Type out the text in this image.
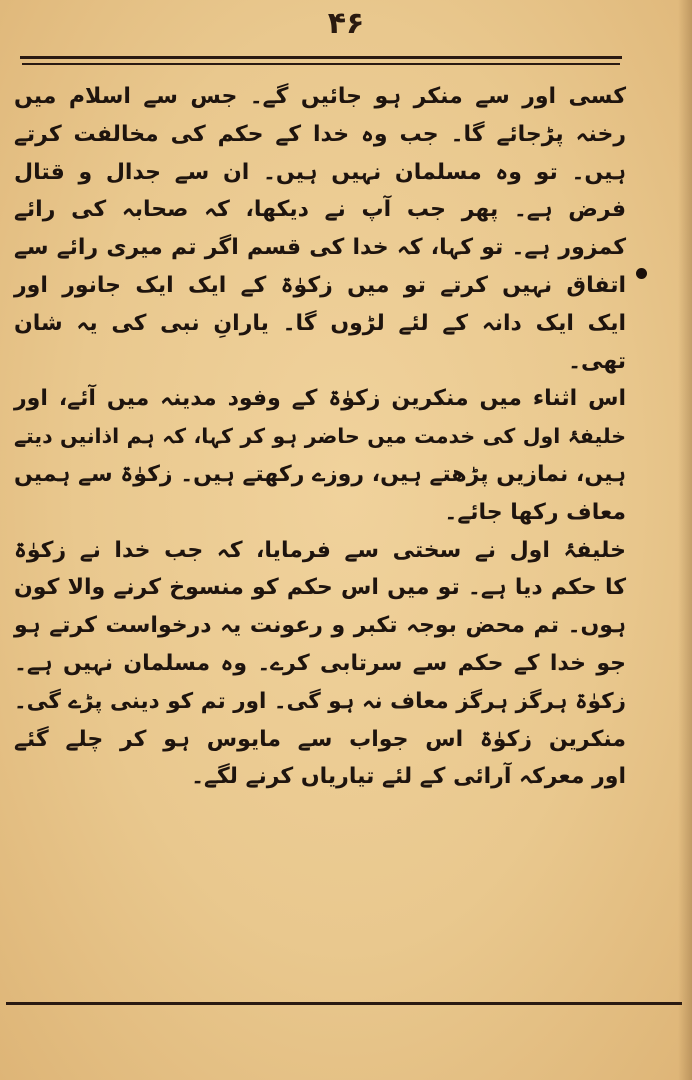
۴۶
کسی اور سے منکر ہو جائیں گے۔ جس سے اسلام میں
رخنہ پڑجائے گا۔ جب وہ خدا کے حکم کی مخالفت کرتے
ہیں۔ تو وہ مسلمان نہیں ہیں۔ ان سے جدال و قتال
فرض ہے۔ پھر جب آپ نے دیکھا، کہ صحابہ کی رائے
کمزور ہے۔ تو کہا، کہ خدا کی قسم اگر تم میری رائے سے
اتفاق نہیں کرتے تو میں زکوٰۃ کے ایک ایک جانور اور
ایک ایک دانہ کے لئے لڑوں گا۔ یارانِ نبی کی یہ شان
تھی۔
اس اثناء میں منکرین زکوٰۃ کے وفود مدینہ میں آئے، اور
خلیفۂ اول کی خدمت میں حاضر ہو کر کہا، کہ ہم اذانیں دیتے
ہیں، نمازیں پڑھتے ہیں، روزے رکھتے ہیں۔ زکوٰۃ سے ہمیں
معاف رکھا جائے۔
خلیفۂ اول نے سختی سے فرمایا، کہ جب خدا نے زکوٰۃ
کا حکم دیا ہے۔ تو میں اس حکم کو منسوخ کرنے والا کون
ہوں۔ تم محض بوجہ تکبر و رعونت یہ درخواست کرتے ہو
جو خدا کے حکم سے سرتابی کرے۔ وہ مسلمان نہیں ہے۔
زکوٰۃ ہرگز ہرگز معاف نہ ہو گی۔ اور تم کو دینی پڑے گی۔
منکرین زکوٰۃ اس جواب سے مایوس ہو کر چلے گئے
اور معرکہ آرائی کے لئے تیاریاں کرنے لگے۔
